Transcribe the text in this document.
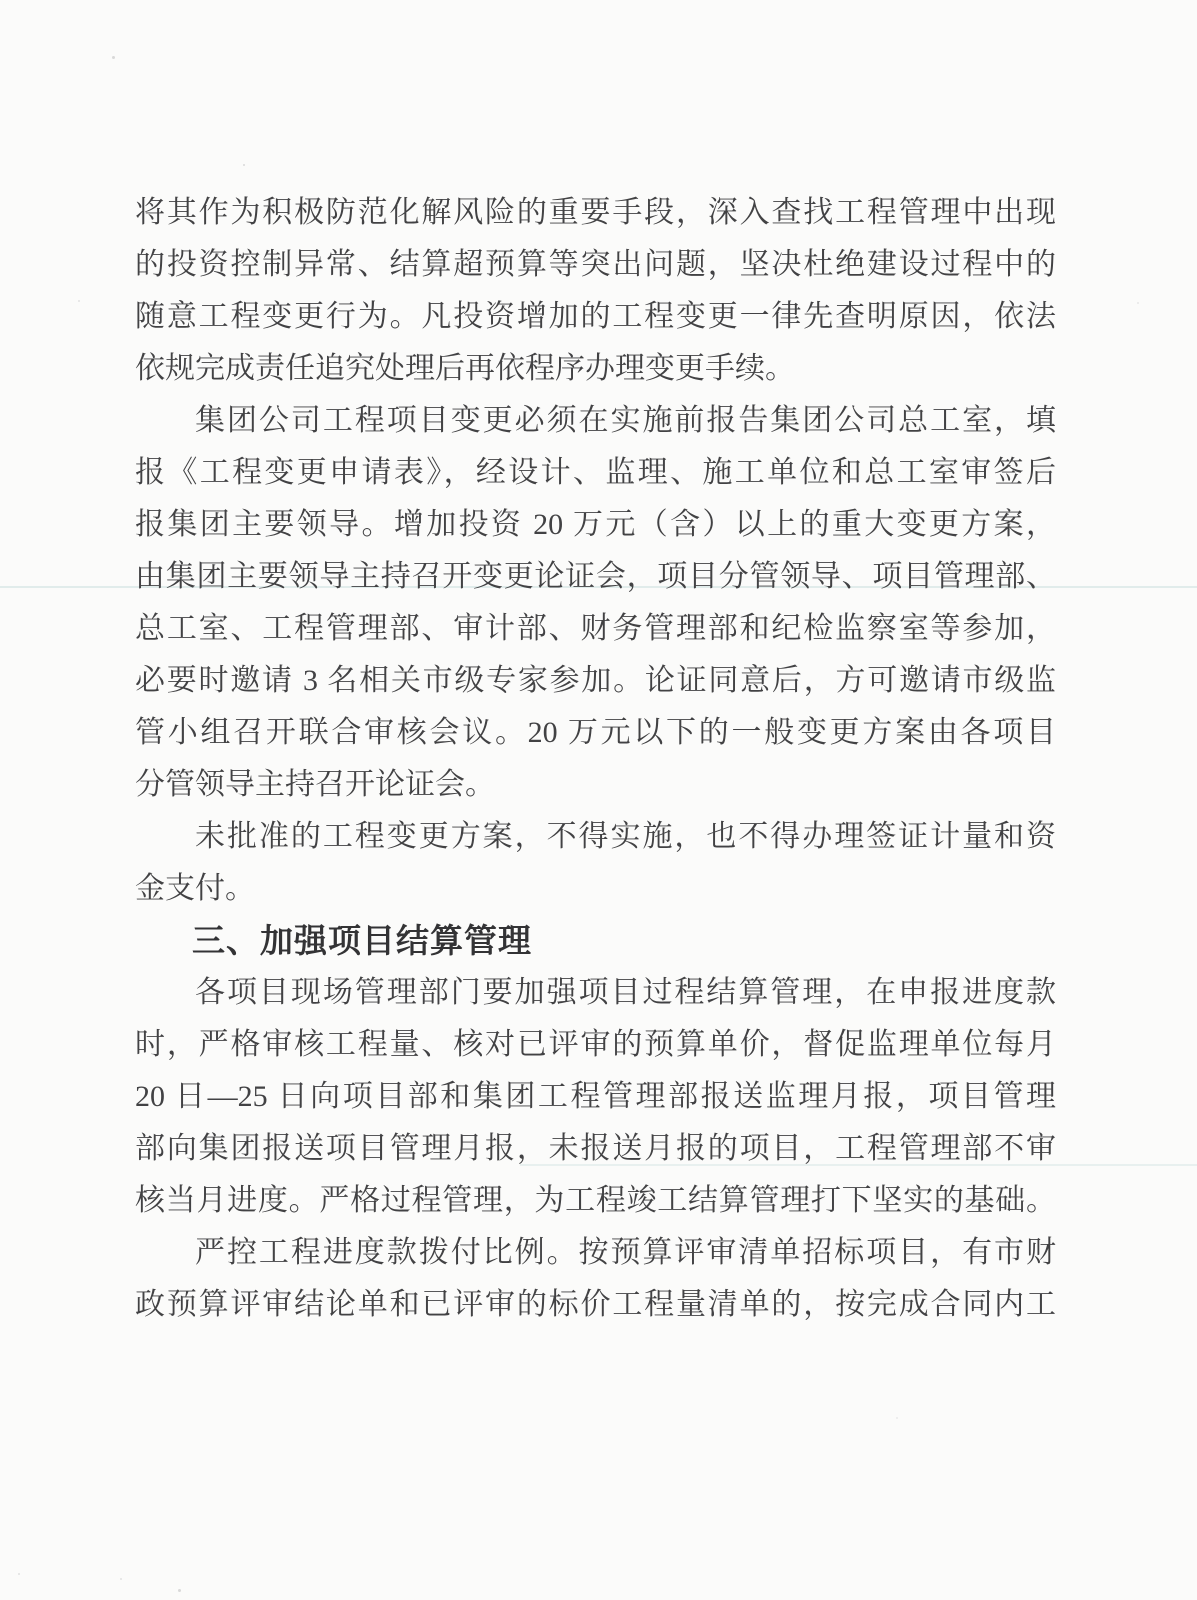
将其作为积极防范化解风险的重要手段，深入查找工程管理中出现
的投资控制异常、结算超预算等突出问题，坚决杜绝建设过程中的
随意工程变更行为。凡投资增加的工程变更一律先查明原因，依法
依规完成责任追究处理后再依程序办理变更手续。
集团公司工程项目变更必须在实施前报告集团公司总工室，填
报《工程变更申请表》，经设计、监理、施工单位和总工室审签后
报集团主要领导。增加投资 20 万元（含）以上的重大变更方案，
由集团主要领导主持召开变更论证会，项目分管领导、项目管理部、
总工室、工程管理部、审计部、财务管理部和纪检监察室等参加，
必要时邀请 3 名相关市级专家参加。论证同意后，方可邀请市级监
管小组召开联合审核会议。20 万元以下的一般变更方案由各项目
分管领导主持召开论证会。
未批准的工程变更方案，不得实施，也不得办理签证计量和资
金支付。
三、加强项目结算管理
各项目现场管理部门要加强项目过程结算管理，在申报进度款
时，严格审核工程量、核对已评审的预算单价，督促监理单位每月
20 日—25 日向项目部和集团工程管理部报送监理月报，项目管理
部向集团报送项目管理月报，未报送月报的项目，工程管理部不审
核当月进度。严格过程管理，为工程竣工结算管理打下坚实的基础。
严控工程进度款拨付比例。按预算评审清单招标项目，有市财
政预算评审结论单和已评审的标价工程量清单的，按完成合同内工
